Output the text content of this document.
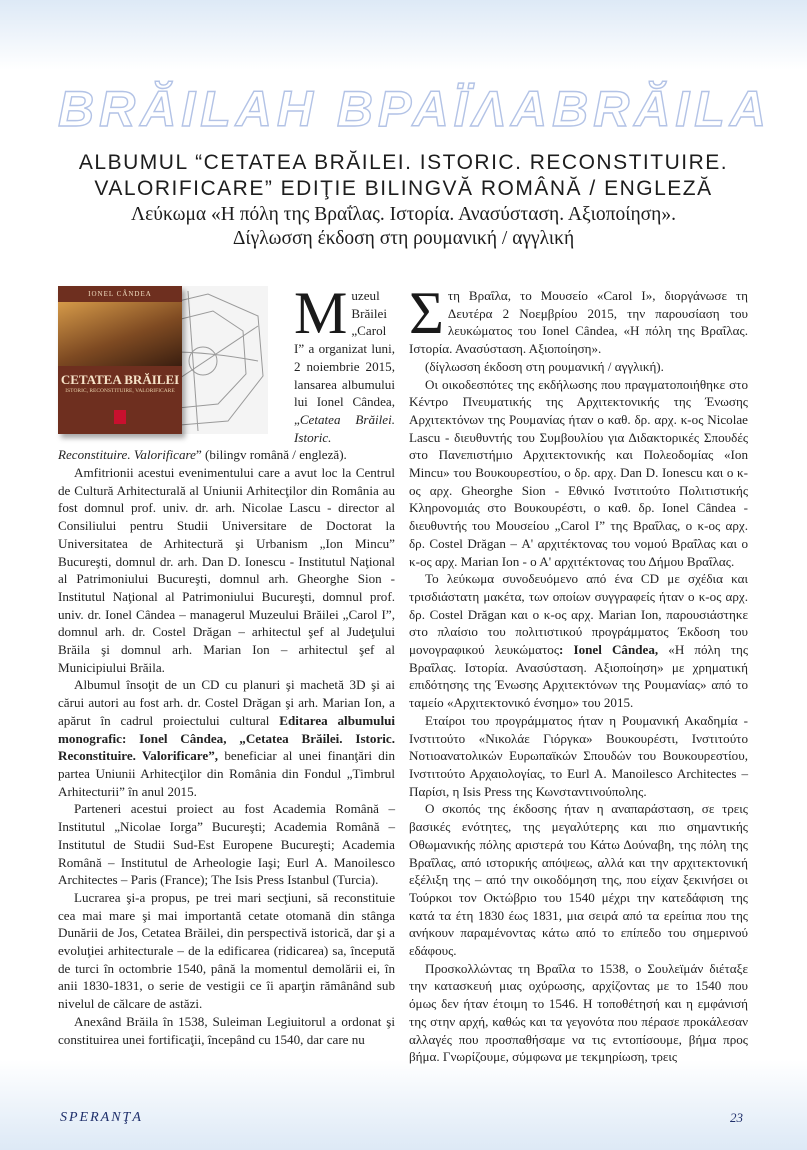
BRĂILA Η ΒΡΑΪΛΑ BRĂILA
ALBUMUL “CETATEA BRĂILEI. ISTORIC. RECONSTITUIRE.
VALORIFICARE” EDIŢIE BILINGVĂ ROMÂNĂ / ENGLEZĂ
Λεύκωμα «Η πόλη της Βραΐλας. Ιστορία. Ανασύσταση. Αξιοποίηση».
Δίγλωσση έκδοση στη ρουμανική / αγγλική
IONEL CÂNDEA
CETATEA BRĂILEI
ISTORIC, RECONSTITUIRE, VALORIFICARE

Muzeul Brăilei „Carol I” a organizat luni, 2 noiembrie 2015, lansarea albumului lui Ionel Cândea, „Cetatea Brăilei. Istoric. Reconstituire. Valorificare” (bilingv română / engleză).

Amfitrionii acestui evenimentului care a avut loc la Centrul de Cultură Arhitecturală al Uniunii Arhitecţilor din România au fost domnul prof. univ. dr. arh. Nicolae Lascu - director al Consiliului pentru Studii Universitare de Doctorat la Universitatea de Arhitectură şi Urbanism „Ion Mincu” Bucureşti, domnul dr. arh. Dan D. Ionescu - Institutul Naţional al Patrimoniului Bucureşti, domnul arh. Gheorghe Sion - Institutul Naţional al Patrimoniului Bucureşti, domnul prof. univ. dr. Ionel Cândea – managerul Muzeului Brăilei „Carol I”, domnul arh. dr. Costel Drăgan – arhitectul şef al Judeţului Brăila şi domnul arh. Marian Ion – arhitectul şef al Municipiului Brăila.

Albumul însoţit de un CD cu planuri şi machetă 3D şi ai cărui autori au fost arh. dr. Costel Drăgan şi arh. Marian Ion, a apărut în cadrul proiectului cultural Editarea albumului monografic: Ionel Cândea, „Cetatea Brăilei. Istoric. Reconstituire. Valorificare”, beneficiar al unei finanţări din partea Uniunii Arhitecţilor din România din Fondul „Timbrul Arhitecturii” în anul 2015.

Parteneri acestui proiect au fost Academia Română – Institutul „Nicolae Iorga” Bucureşti; Academia Română – Institutul de Studii Sud-Est Europene Bucureşti; Academia Română – Institutul de Arheologie Iaşi; Eurl A. Manoilesco Architectes – Paris (France); The Isis Press Istanbul (Turcia).

Lucrarea şi-a propus, pe trei mari secţiuni, să reconstituie cea mai mare şi mai importantă cetate otomană din stânga Dunării de Jos, Cetatea Brăilei, din perspectivă istorică, dar şi a evoluţiei arhitecturale – de la edificarea (ridicarea) sa, începută de turci în octombrie 1540, până la momentul demolării ei, în anii 1830-1831, o serie de vestigii ce îi aparţin rămânând sub nivelul de călcare de astăzi.

Anexând Brăila în 1538, Suleiman Legiuitorul a ordonat şi constituirea unei fortificaţii, începând cu 1540, dar care nu

Στη Βραΐλα, το Μουσείο «Carol I», διοργάνωσε τη Δευτέρα 2 Νοεμβρίου 2015, την παρουσίαση του λευκώματος του Ionel Cândea, «Η πόλη της Βραΐλας. Ιστορία. Ανασύσταση. Αξιοποίηση».

(δίγλωσση έκδοση στη ρουμανική / αγγλική).

Οι οικοδεσπότες της εκδήλωσης που πραγματοποιήθηκε στο Κέντρο Πνευματικής της Αρχιτεκτονικής της Ένωσης Αρχιτεκτόνων της Ρουμανίας ήταν ο καθ. δρ. αρχ. κ-ος Nicolae Lascu - διευθυντής του Συμβουλίου για Διδακτορικές Σπουδές στο Πανεπιστήμιο Αρχιτεκτονικής και Πολεοδομίας «Ion Mincu» του Βουκουρεστίου, ο δρ. αρχ. Dan D. Ionescu και ο κ-ος αρχ. Gheorghe Sion - Εθνικό Ινστιτούτο Πολιτιστικής Κληρονομιάς στο Βουκουρέστι, ο καθ. δρ. Ionel Cândea - διευθυντής του Μουσείου „Carol I” της Βραΐλας, ο κ-ος αρχ. δρ. Costel Drăgan – Α' αρχιτέκτονας του νομού Βραΐλας και ο κ-ος αρχ. Marian Ion - ο Α' αρχιτέκτονας του Δήμου Βραΐλας.

Το λεύκωμα συνοδευόμενο από ένα CD με σχέδια και τρισδιάστατη μακέτα, των οποίων συγγραφείς ήταν ο κ-ος αρχ. δρ. Costel Drăgan και ο κ-ος αρχ. Marian Ion, παρουσιάστηκε στο πλαίσιο του πολιτιστικού προγράμματος Έκδοση του μονογραφικού λευκώματος: Ionel Cândea, «Η πόλη της Βραΐλας. Ιστορία. Ανασύσταση. Αξιοποίηση» με χρηματική επιδότησης της Ένωσης Αρχιτεκτόνων της Ρουμανίας» από το ταμείο «Αρχιτεκτονικό ένσημο» του 2015.

Εταίροι του προγράμματος ήταν η Ρουμανική Ακαδημία - Ινστιτούτο «Νικολάε Γιόργκα» Βουκουρέστι, Ινστιτούτο Νοτιοανατολικών Ευρωπαϊκών Σπουδών του Βουκουρεστίου, Ινστιτούτο Αρχαιολογίας, το Eurl A. Manoilesco Architectes – Παρίσι, η Isis Press της Κωνσταντινούπολης.

Ο σκοπός της έκδοσης ήταν η αναπαράσταση, σε τρεις βασικές ενότητες, της μεγαλύτερης και πιο σημαντικής Οθωμανικής πόλης αριστερά του Κάτω Δούναβη, της πόλη της Βραΐλας, από ιστορικής απόψεως, αλλά και την αρχιτεκτονική εξέλιξη της – από την οικοδόμηση της, που είχαν ξεκινήσει οι Τούρκοι τον Οκτώβριο του 1540 μέχρι την κατεδάφιση της κατά τα έτη 1830 έως 1831, μια σειρά από τα ερείπια που της ανήκουν παραμένοντας κάτω από το επίπεδο του σημερινού εδάφους.

Προσκολλώντας τη Βραΐλα το 1538, ο Σουλεϊμάν διέταξε την κατασκευή μιας οχύρωσης, αρχίζοντας με το 1540 που όμως δεν ήταν έτοιμη το 1546. Η τοποθέτησή και η εμφάνισή της στην αρχή, καθώς και τα γεγονότα που πέρασε προκάλεσαν αλλαγές που προσπαθήσαμε να τις εντοπίσουμε, βήμα προς βήμα. Γνωρίζουμε, σύμφωνα με τεκμηρίωση, τρεις

SPERANŢA	23
